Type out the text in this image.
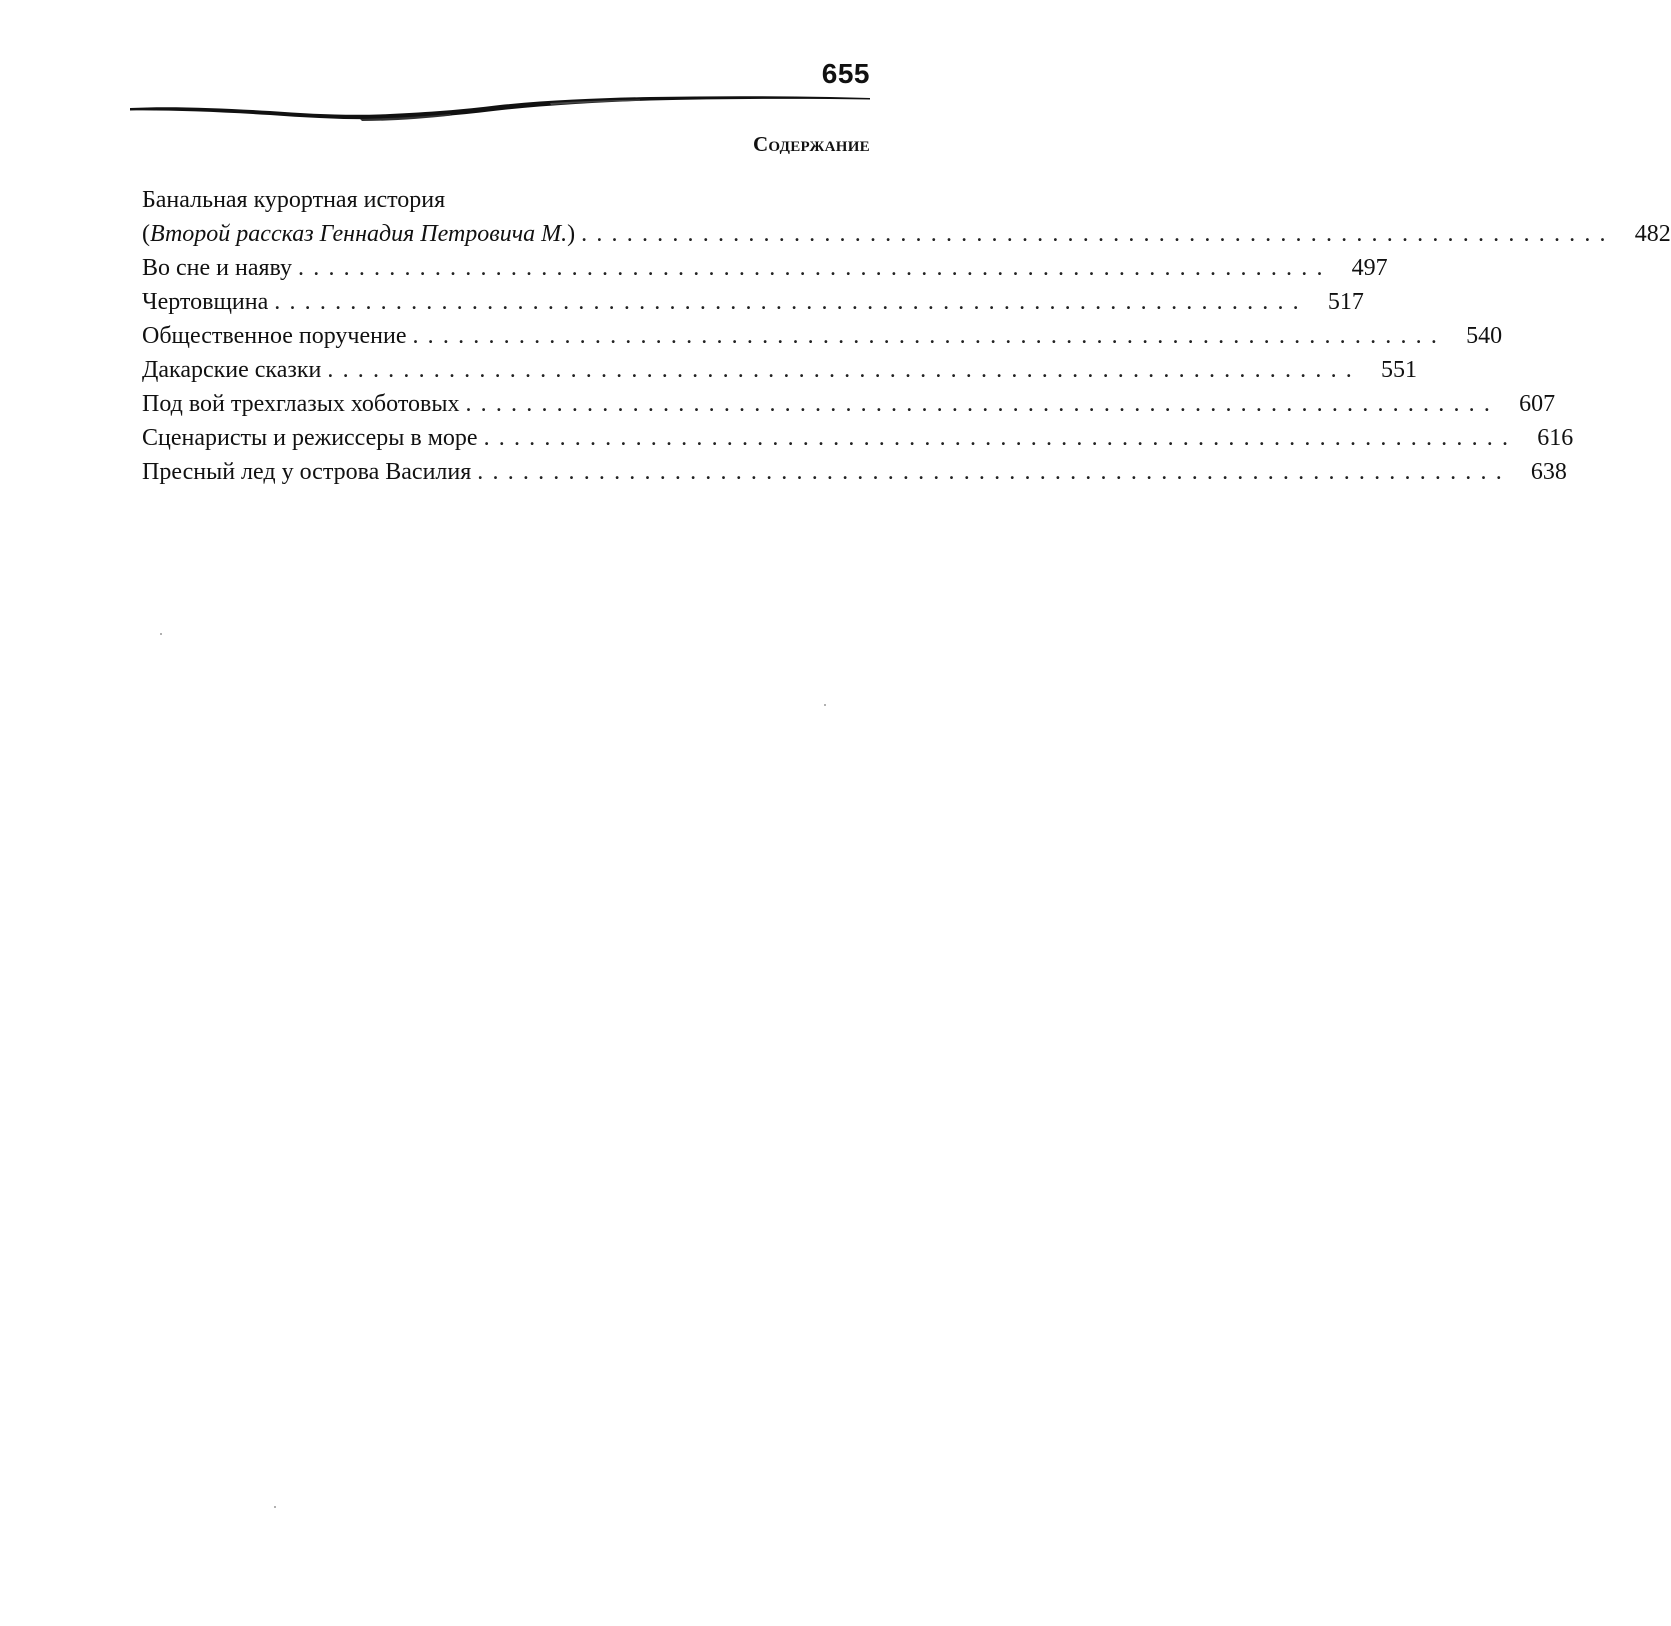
655
Содержание
Банальная курортная история
(Второй рассказ Геннадия Петровича М.) .................................................................... 482
Во сне и наяву .................................................................... 497
Чертовщина .................................................................... 517
Общественное поручение .................................................................... 540
Дакарские сказки .................................................................... 551
Под вой трехглазых хоботовых .................................................................... 607
Сценаристы и режиссеры в море .................................................................... 616
Пресный лед у острова Василия .................................................................... 638
